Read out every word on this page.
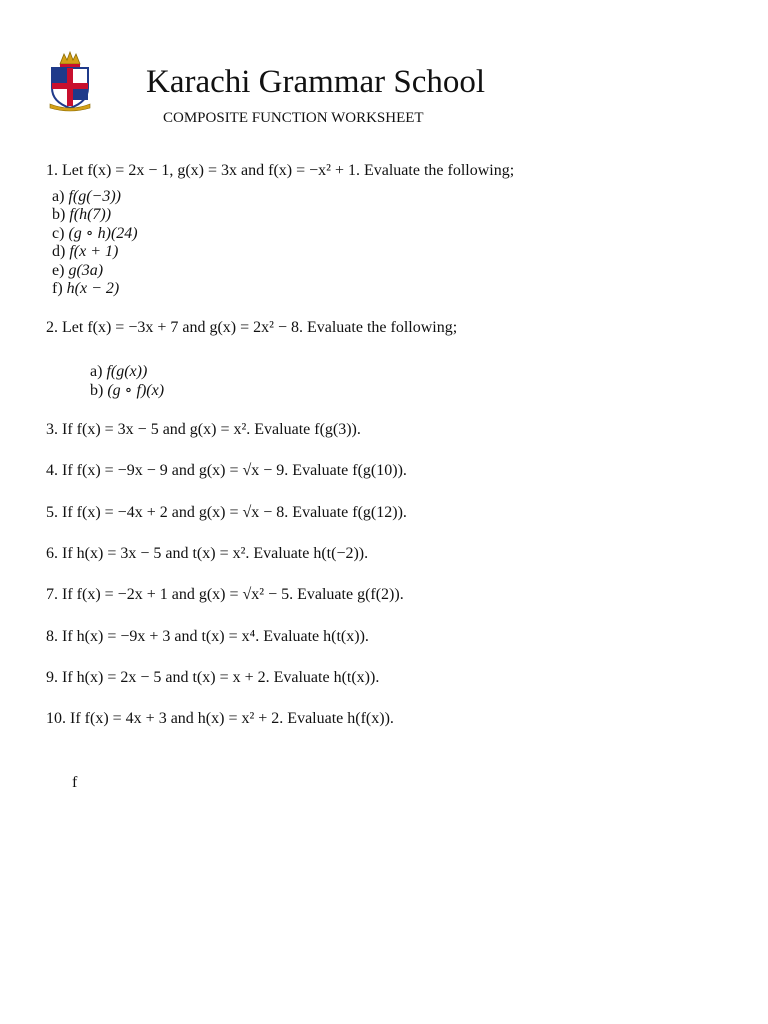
Karachi Grammar School
COMPOSITE FUNCTION WORKSHEET
1. Let f(x) = 2x − 1, g(x) = 3x and f(x) = −x² + 1. Evaluate the following;
a) f(g(−3))
b) f(h(7))
c) (g ∘ h)(24)
d) f(x + 1)
e) g(3a)
f) h(x − 2)
2. Let f(x) = −3x + 7 and g(x) = 2x² − 8. Evaluate the following;
a) f(g(x))
b) (g ∘ f)(x)
3. If f(x) = 3x − 5 and g(x) = x². Evaluate f(g(3)).
4. If f(x) = −9x − 9 and g(x) = √x − 9. Evaluate f(g(10)).
5. If f(x) = −4x + 2 and g(x) = √x − 8. Evaluate f(g(12)).
6. If h(x) = 3x − 5 and t(x) = x². Evaluate h(t(−2)).
7. If f(x) = −2x + 1 and g(x) = √x² − 5. Evaluate g(f(2)).
8. If h(x) = −9x + 3 and t(x) = x⁴. Evaluate h(t(x)).
9. If h(x) = 2x − 5 and t(x) = x + 2. Evaluate h(t(x)).
10. If f(x) = 4x + 3 and h(x) = x² + 2. Evaluate h(f(x)).
f
